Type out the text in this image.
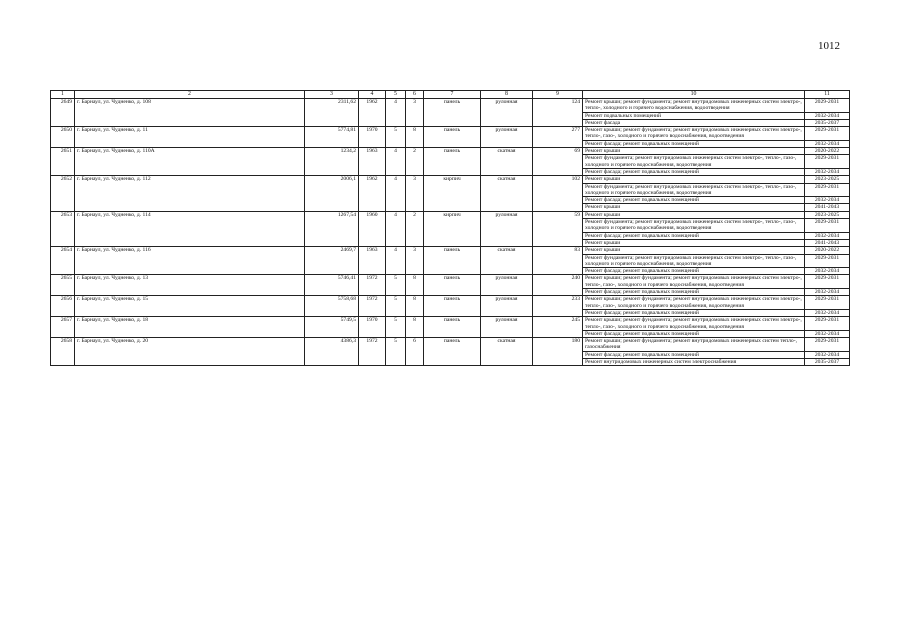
1012
1	2	3	4	5	6	7	8	9	10	11
2649	г. Барнаул, ул. Чудненко, д. 108	2311,62	1962	4	3	панель	рулонная	124	Ремонт крыши; ремонт фундамента; ремонт внутридомовых инженерных систем электро-, тепло-, холодного и горячего водоснабжения, водоотведения	2029-2031
									Ремонт подвальных помещений	2032-2034
									Ремонт фасада	2035-2037
2650	г. Барнаул, ул. Чудненко, д. 11	5774,81	1970	5	8	панель	рулонная	277	Ремонт крыши; ремонт фундамента; ремонт внутридомовых инженерных систем электро-, тепло-, газо-, холодного и горячего водоснабжения, водоотведения	2029-2031
									Ремонт фасада; ремонт подвальных помещений	2032-2034
2651	г. Барнаул, ул. Чудненко, д. 110А	1234,2	1963	4	2	панель	скатная	69	Ремонт крыши	2020-2022
									Ремонт фундамента; ремонт внутридомовых инженерных систем электро-, тепло-, газо-, холодного и горячего водоснабжения, водоотведения	2029-2031
									Ремонт фасада; ремонт подвальных помещений	2032-2034
2652	г. Барнаул, ул. Чудненко, д. 112	2006,1	1962	4	3	кирпич	скатная	102	Ремонт крыши	2023-2025
									Ремонт фундамента; ремонт внутридомовых инженерных систем электро-, тепло-, газо-, холодного и горячего водоснабжения, водоотведения	2029-2031
									Ремонт фасада; ремонт подвальных помещений	2032-2034
									Ремонт крыши	2041-2043
2653	г. Барнаул, ул. Чудненко, д. 114	1267,54	1960	4	2	кирпич	рулонная	59	Ремонт крыши	2023-2025
									Ремонт фундамента; ремонт внутридомовых инженерных систем электро-, тепло-, газо-, холодного и горячего водоснабжения, водоотведения	2029-2031
									Ремонт фасада; ремонт подвальных помещений	2032-2034
									Ремонт крыши	2041-2043
2654	г. Барнаул, ул. Чудненко, д. 116	2469,7	1963	4	3	панель	скатная	83	Ремонт крыши	2020-2022
									Ремонт фундамента; ремонт внутридомовых инженерных систем электро-, тепло-, газо-, холодного и горячего водоснабжения, водоотведения	2029-2031
									Ремонт фасада; ремонт подвальных помещений	2032-2034
2655	г. Барнаул, ул. Чудненко, д. 13	5746,41	1972	5	8	панель	рулонная	240	Ремонт крыши; ремонт фундамента; ремонт внутридомовых инженерных систем электро-, тепло-, газо-, холодного и горячего водоснабжения, водоотведения	2029-2031
									Ремонт фасада; ремонт подвальных помещений	2032-2034
2656	г. Барнаул, ул. Чудненко, д. 15	5758,68	1972	5	8	панель	рулонная	233	Ремонт крыши; ремонт фундамента; ремонт внутридомовых инженерных систем электро-, тепло-, газо-, холодного и горячего водоснабжения, водоотведения	2029-2031
									Ремонт фасада; ремонт подвальных помещений	2032-2034
2657	г. Барнаул, ул. Чудненко, д. 18	5749,5	1970	5	8	панель	рулонная	245	Ремонт крыши; ремонт фундамента; ремонт внутридомовых инженерных систем электро-, тепло-, газо-, холодного и горячего водоснабжения, водоотведения	2029-2031
									Ремонт фасада; ремонт подвальных помещений	2032-2034
2658	г. Барнаул, ул. Чудненко, д. 20	4386,3	1972	5	6	панель	скатная	180	Ремонт крыши; ремонт фундамента; ремонт внутридомовых инженерных систем тепло-, газоснабжения	2029-2031
									Ремонт фасада; ремонт подвальных помещений	2032-2034
									Ремонт внутридомовых инженерных систем электроснабжения	2035-2037
